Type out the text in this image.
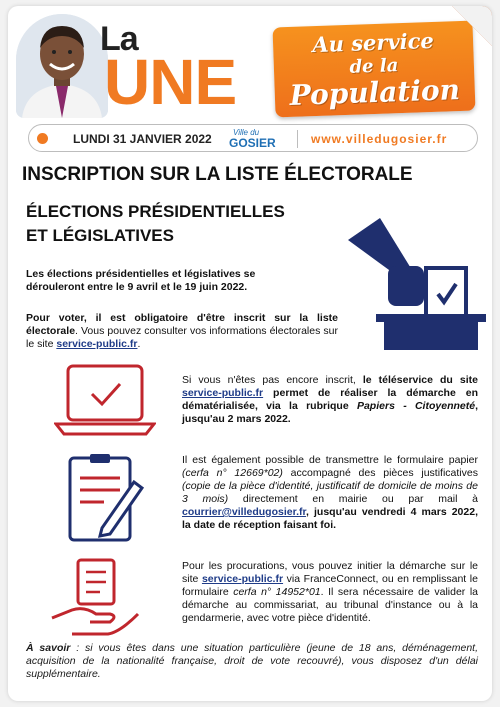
La
UNE
Au service
de la
Population
LUNDI 31 JANVIER 2022	Ville du
GOSIER	www.villedugosier.fr
INSCRIPTION SUR LA LISTE ÉLECTORALE
ÉLECTIONS PRÉSIDENTIELLES
ET LÉGISLATIVES
Les élections présidentielles et législatives se dérouleront entre le 9 avril et le 19 juin 2022.
Pour voter, il est obligatoire d'être inscrit sur la liste électorale. Vous pouvez consulter vos informations électorales sur le site service-public.fr.
Si vous n'êtes pas encore inscrit, le téléservice du site service-public.fr permet de réaliser la démarche en dématérialisée, via la rubrique Papiers - Citoyenneté, jusqu'au 2 mars 2022.
Il est également possible de transmettre le formulaire papier (cerfa n° 12669*02) accompagné des pièces justificatives (copie de la pièce d'identité, justificatif de domicile de moins de 3 mois) directement en mairie ou par mail à courrier@villedugosier.fr, jusqu'au vendredi 4 mars 2022, la date de réception faisant foi.
Pour les procurations, vous pouvez initier la démarche sur le site service-public.fr via FranceConnect, ou en remplissant le formulaire cerfa n° 14952*01. Il sera nécessaire de valider la démarche au commissariat, au tribunal d'instance ou à la gendarmerie, avec votre pièce d'identité.
À savoir : si vous êtes dans une situation particulière (jeune de 18 ans, déménagement, acquisition de la nationalité française, droit de vote recouvré), vous disposez d'un délai supplémentaire.
